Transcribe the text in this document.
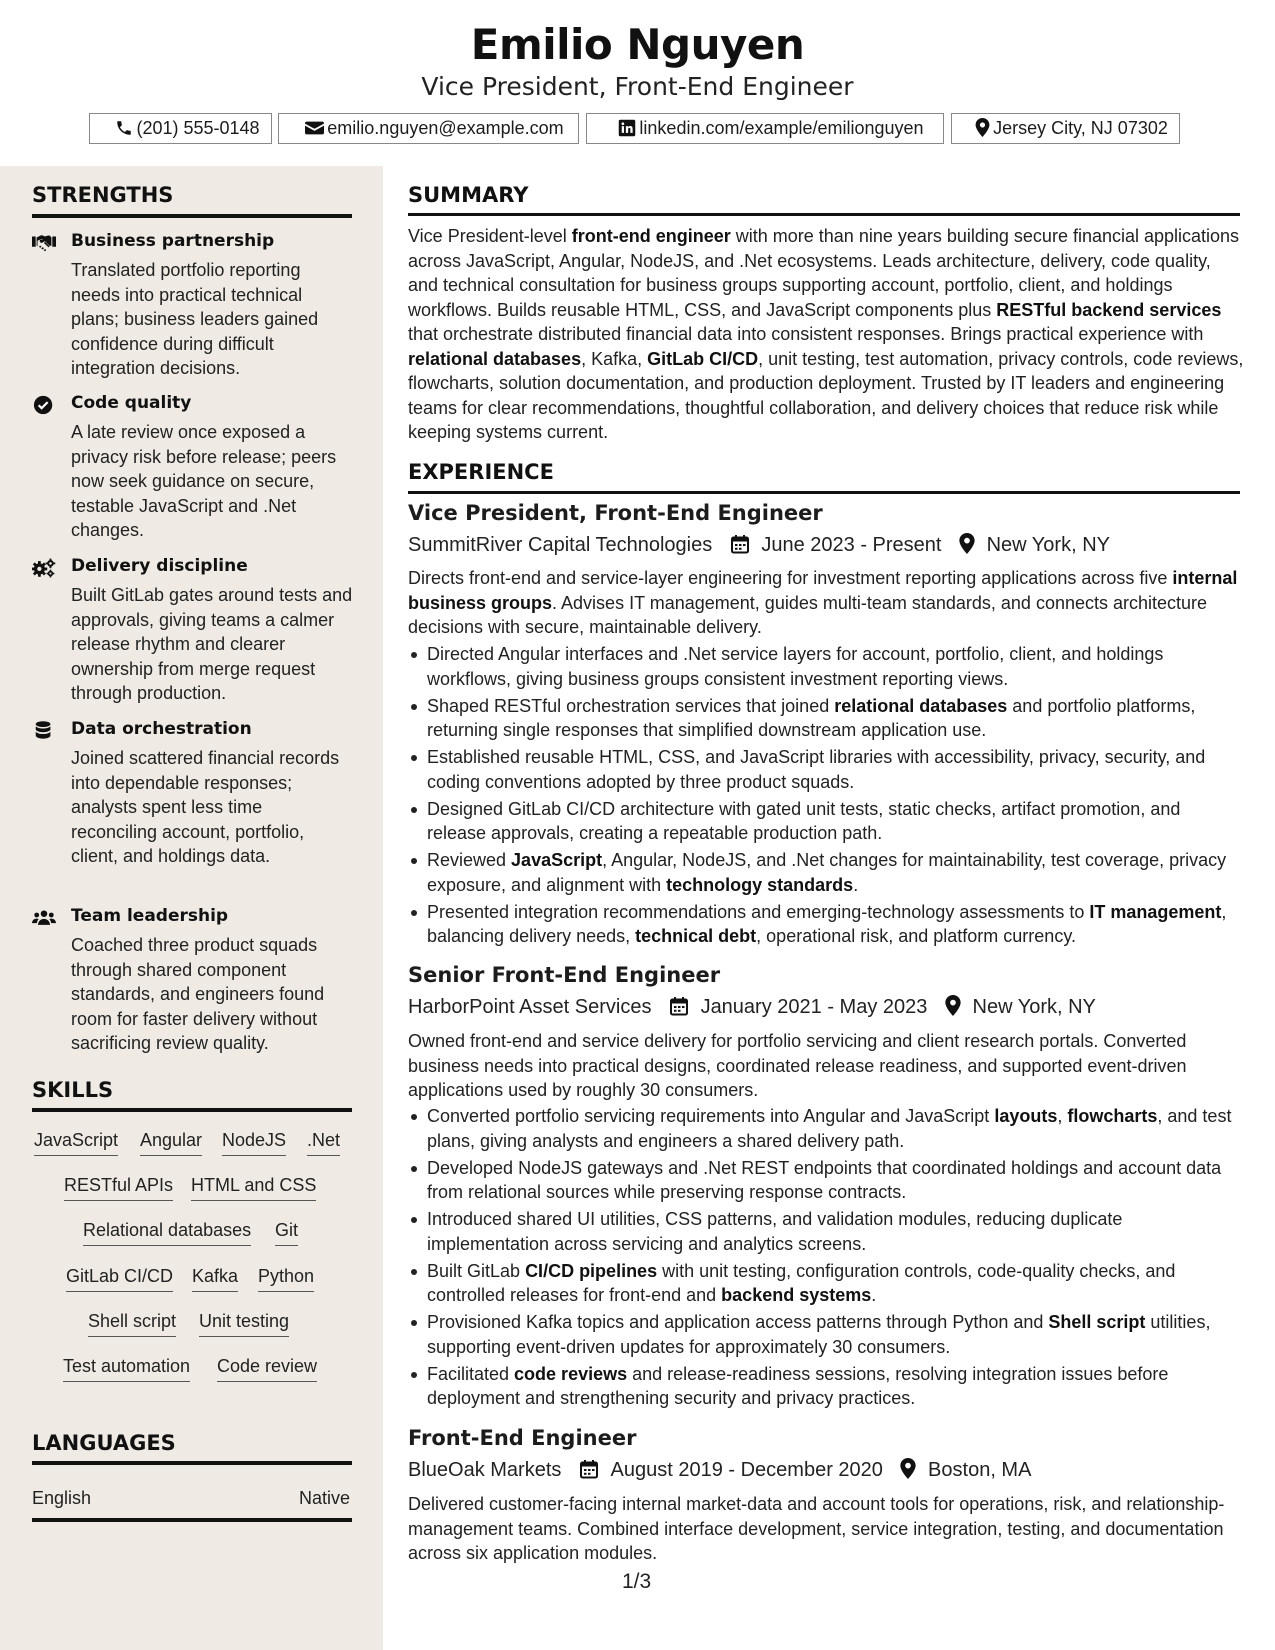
Emilio Nguyen
Vice President, Front-End Engineer
(201) 555-0148	emilio.nguyen@example.com	linkedin.com/example/emilionguyen	Jersey City, NJ 07302
STRENGTHS
Business partnership
Translated portfolio reporting needs into practical technical plans; business leaders gained confidence during difficult integration decisions.
Code quality
A late review once exposed a privacy risk before release; peers now seek guidance on secure, testable JavaScript and .Net changes.
Delivery discipline
Built GitLab gates around tests and approvals, giving teams a calmer release rhythm and clearer ownership from merge request through production.
Data orchestration
Joined scattered financial records into dependable responses; analysts spent less time reconciling account, portfolio, client, and holdings data.
Team leadership
Coached three product squads through shared component standards, and engineers found room for faster delivery without sacrificing review quality.
SKILLS
JavaScript Angular NodeJS .Net
RESTful APIs HTML and CSS
Relational databases Git
GitLab CI/CD Kafka Python
Shell script Unit testing
Test automation Code review
LANGUAGES
English	Native
SUMMARY
Vice President-level front-end engineer with more than nine years building secure financial applications across JavaScript, Angular, NodeJS, and .Net ecosystems. Leads architecture, delivery, code quality, and technical consultation for business groups supporting account, portfolio, client, and holdings workflows. Builds reusable HTML, CSS, and JavaScript components plus RESTful backend services that orchestrate distributed financial data into consistent responses. Brings practical experience with relational databases, Kafka, GitLab CI/CD, unit testing, test automation, privacy controls, code reviews, flowcharts, solution documentation, and production deployment. Trusted by IT leaders and engineering teams for clear recommendations, thoughtful collaboration, and delivery choices that reduce risk while keeping systems current.
EXPERIENCE
Vice President, Front-End Engineer
SummitRiver Capital Technologies June 2023 - Present New York, NY
Directs front-end and service-layer engineering for investment reporting applications across five internal business groups. Advises IT management, guides multi-team standards, and connects architecture decisions with secure, maintainable delivery.
Directed Angular interfaces and .Net service layers for account, portfolio, client, and holdings workflows, giving business groups consistent investment reporting views.
Shaped RESTful orchestration services that joined relational databases and portfolio platforms, returning single responses that simplified downstream application use.
Established reusable HTML, CSS, and JavaScript libraries with accessibility, privacy, security, and coding conventions adopted by three product squads.
Designed GitLab CI/CD architecture with gated unit tests, static checks, artifact promotion, and release approvals, creating a repeatable production path.
Reviewed JavaScript, Angular, NodeJS, and .Net changes for maintainability, test coverage, privacy exposure, and alignment with technology standards.
Presented integration recommendations and emerging-technology assessments to IT management, balancing delivery needs, technical debt, operational risk, and platform currency.
Senior Front-End Engineer
HarborPoint Asset Services January 2021 - May 2023 New York, NY
Owned front-end and service delivery for portfolio servicing and client research portals. Converted business needs into practical designs, coordinated release readiness, and supported event-driven applications used by roughly 30 consumers.
Converted portfolio servicing requirements into Angular and JavaScript layouts, flowcharts, and test plans, giving analysts and engineers a shared delivery path.
Developed NodeJS gateways and .Net REST endpoints that coordinated holdings and account data from relational sources while preserving response contracts.
Introduced shared UI utilities, CSS patterns, and validation modules, reducing duplicate implementation across servicing and analytics screens.
Built GitLab CI/CD pipelines with unit testing, configuration controls, code-quality checks, and controlled releases for front-end and backend systems.
Provisioned Kafka topics and application access patterns through Python and Shell script utilities, supporting event-driven updates for approximately 30 consumers.
Facilitated code reviews and release-readiness sessions, resolving integration issues before deployment and strengthening security and privacy practices.
Front-End Engineer
BlueOak Markets August 2019 - December 2020 Boston, MA
Delivered customer-facing internal market-data and account tools for operations, risk, and relationship-management teams. Combined interface development, service integration, testing, and documentation across six application modules.
1/3
